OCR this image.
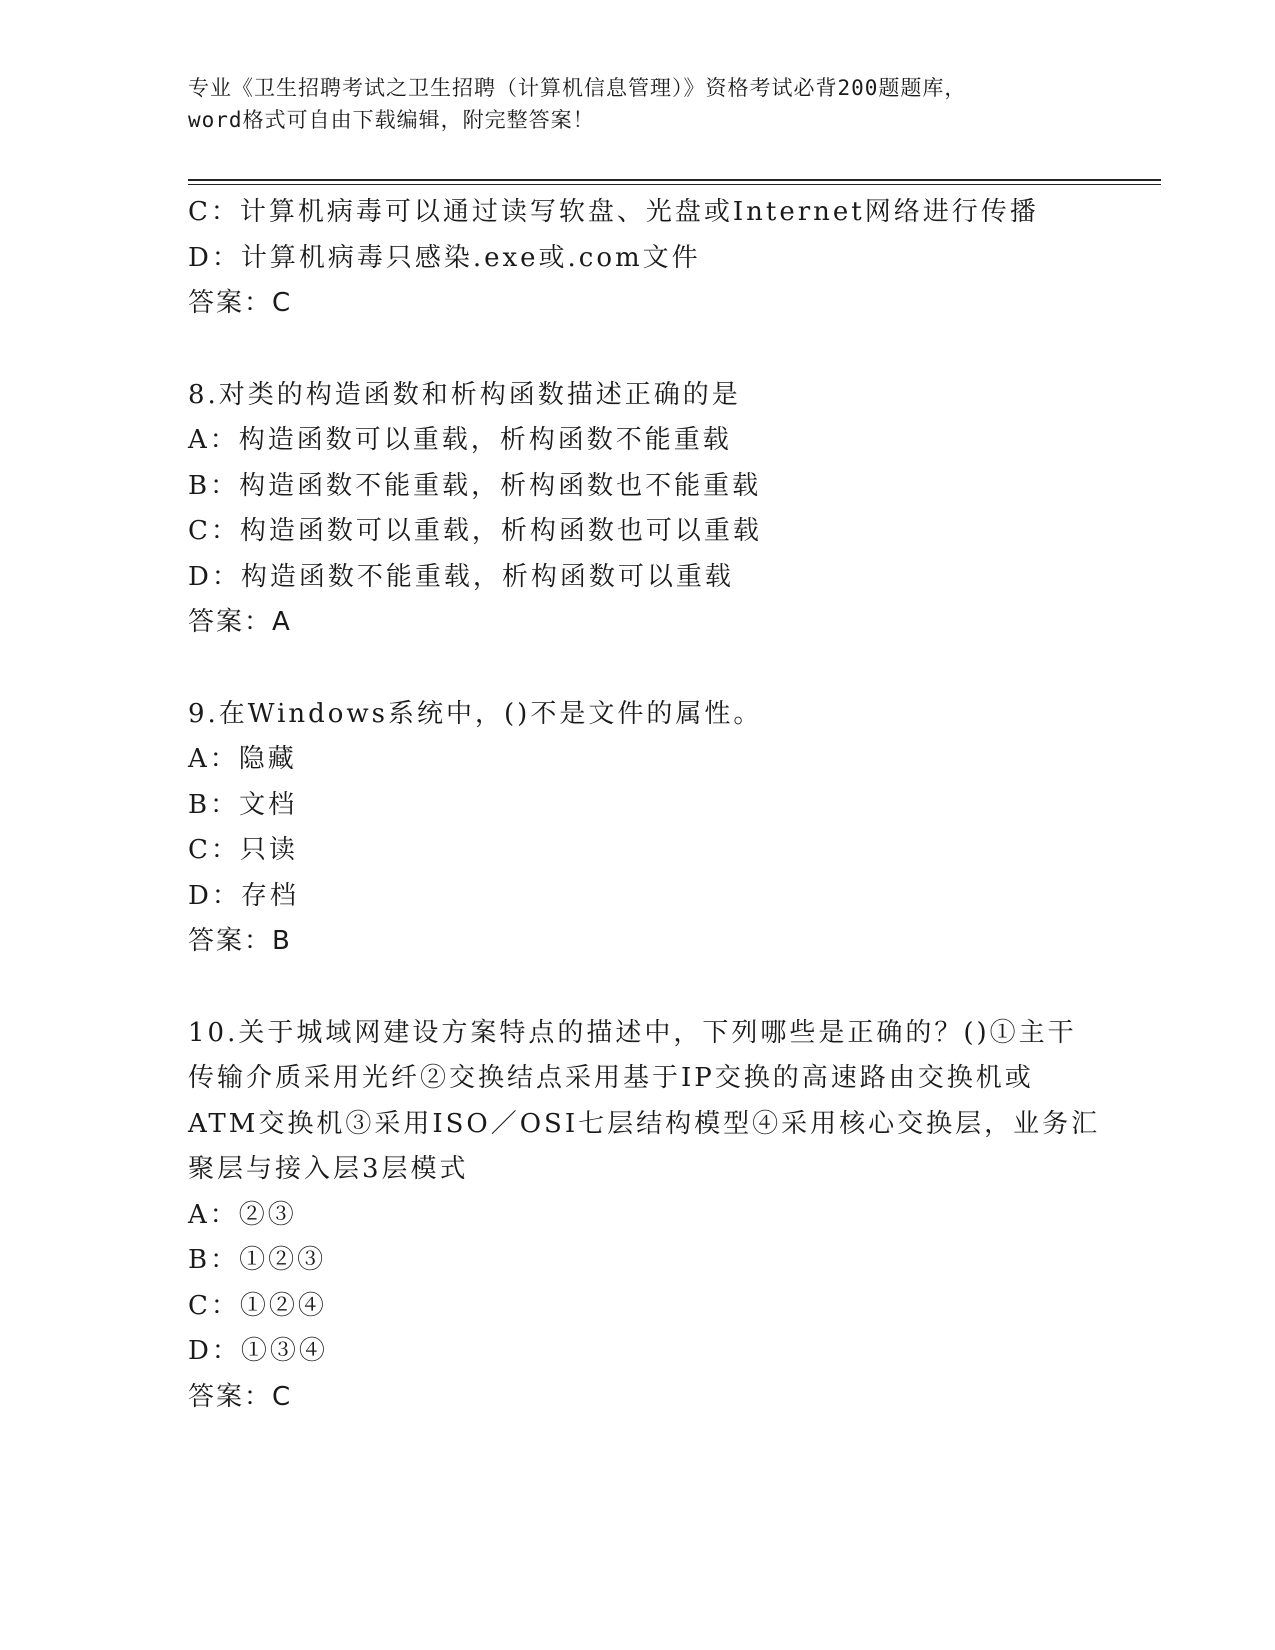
专业《卫生招聘考试之卫生招聘（计算机信息管理）》资格考试必背200题题库，
word格式可自由下载编辑，附完整答案！
C：计算机病毒可以通过读写软盘、光盘或Internet网络进行传播
D：计算机病毒只感染.exe或.com文件
答案：C
8.对类的构造函数和析构函数描述正确的是
A：构造函数可以重载，析构函数不能重载
B：构造函数不能重载，析构函数也不能重载
C：构造函数可以重载，析构函数也可以重载
D：构造函数不能重载，析构函数可以重载
答案：A
9.在Windows系统中，()不是文件的属性。
A：隐藏
B：文档
C：只读
D：存档
答案：B
10.关于城域网建设方案特点的描述中，下列哪些是正确的？()①主干
传输介质采用光纤②交换结点采用基于IP交换的高速路由交换机或
ATM交换机③采用ISO／OSI七层结构模型④采用核心交换层，业务汇
聚层与接入层3层模式
A：②③
B：①②③
C：①②④
D：①③④
答案：C
